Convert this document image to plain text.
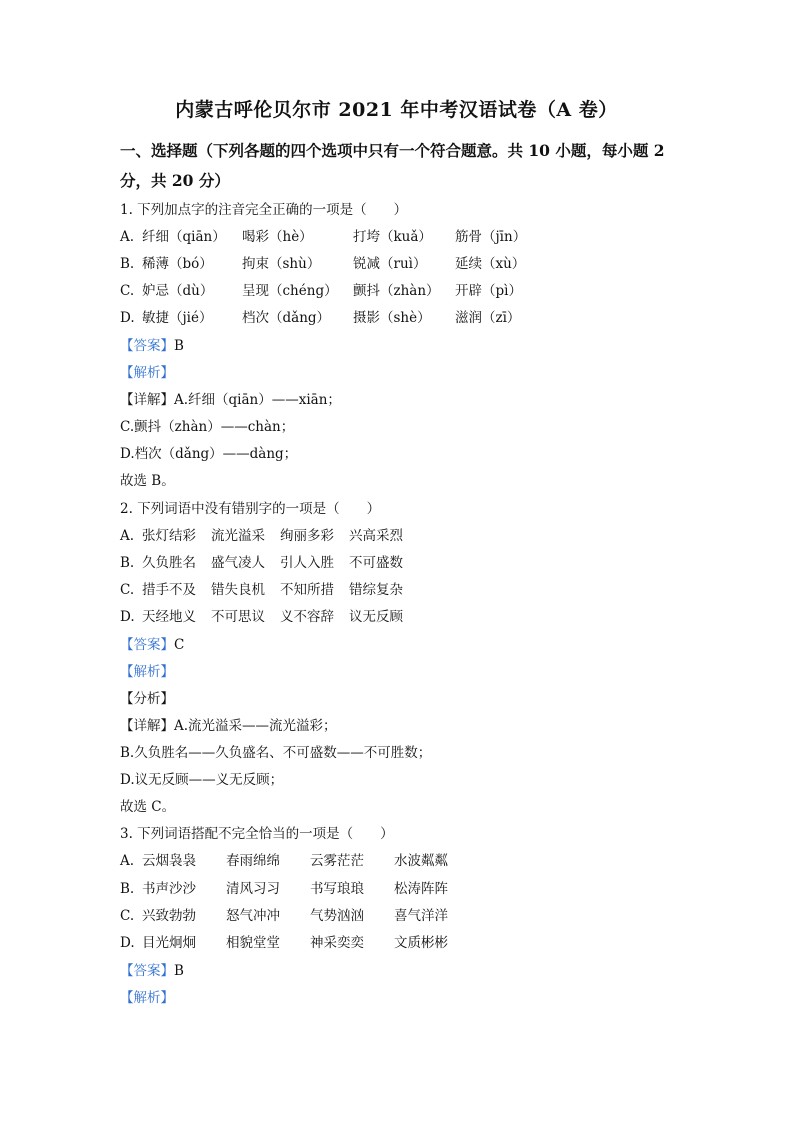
内蒙古呼伦贝尔市 2021 年中考汉语试卷（A 卷）
一、选择题（下列各题的四个选项中只有一个符合题意。共 10 小题，每小题 2
分，共 20 分）
1. 下列加点字的注音完全正确的一项是（　　）
A. 纤细（qiān） 喝彩（hè）	打垮（kuǎ） 筋骨（jīn）
B. 稀薄（bó） 拘束（shù） 锐减（ruì） 延续（xù）
C. 妒忌（dù） 呈现（chéng） 颤抖（zhàn） 开辟（pì）
D. 敏捷（jié） 档次（dǎng） 摄影（shè） 滋润（zī）
【答案】B
【解析】
【详解】A.纤细（qiān）——xiān；
C.颤抖（zhàn）——chàn；
D.档次（dǎng）——dàng；
故选 B。
2. 下列词语中没有错别字的一项是（　　）
A. 张灯结彩 流光溢采 绚丽多彩 兴高采烈
B. 久负胜名 盛气凌人 引人入胜 不可盛数
C. 措手不及 错失良机 不知所措 错综复杂
D. 天经地义 不可思议 义不容辞 议无反顾
【答案】C
【解析】
【分析】
【详解】A.流光溢采——流光溢彩；
B.久负胜名——久负盛名、不可盛数——不可胜数；
D.议无反顾——义无反顾；
故选 C。
3. 下列词语搭配不完全恰当的一项是（　　）
A. 云烟袅袅 春雨绵绵 云雾茫茫 水波粼粼
B. 书声沙沙 清风习习 书写琅琅 松涛阵阵
C. 兴致勃勃 怒气冲冲 气势汹汹 喜气洋洋
D. 目光炯炯 相貌堂堂 神采奕奕 文质彬彬
【答案】B
【解析】
